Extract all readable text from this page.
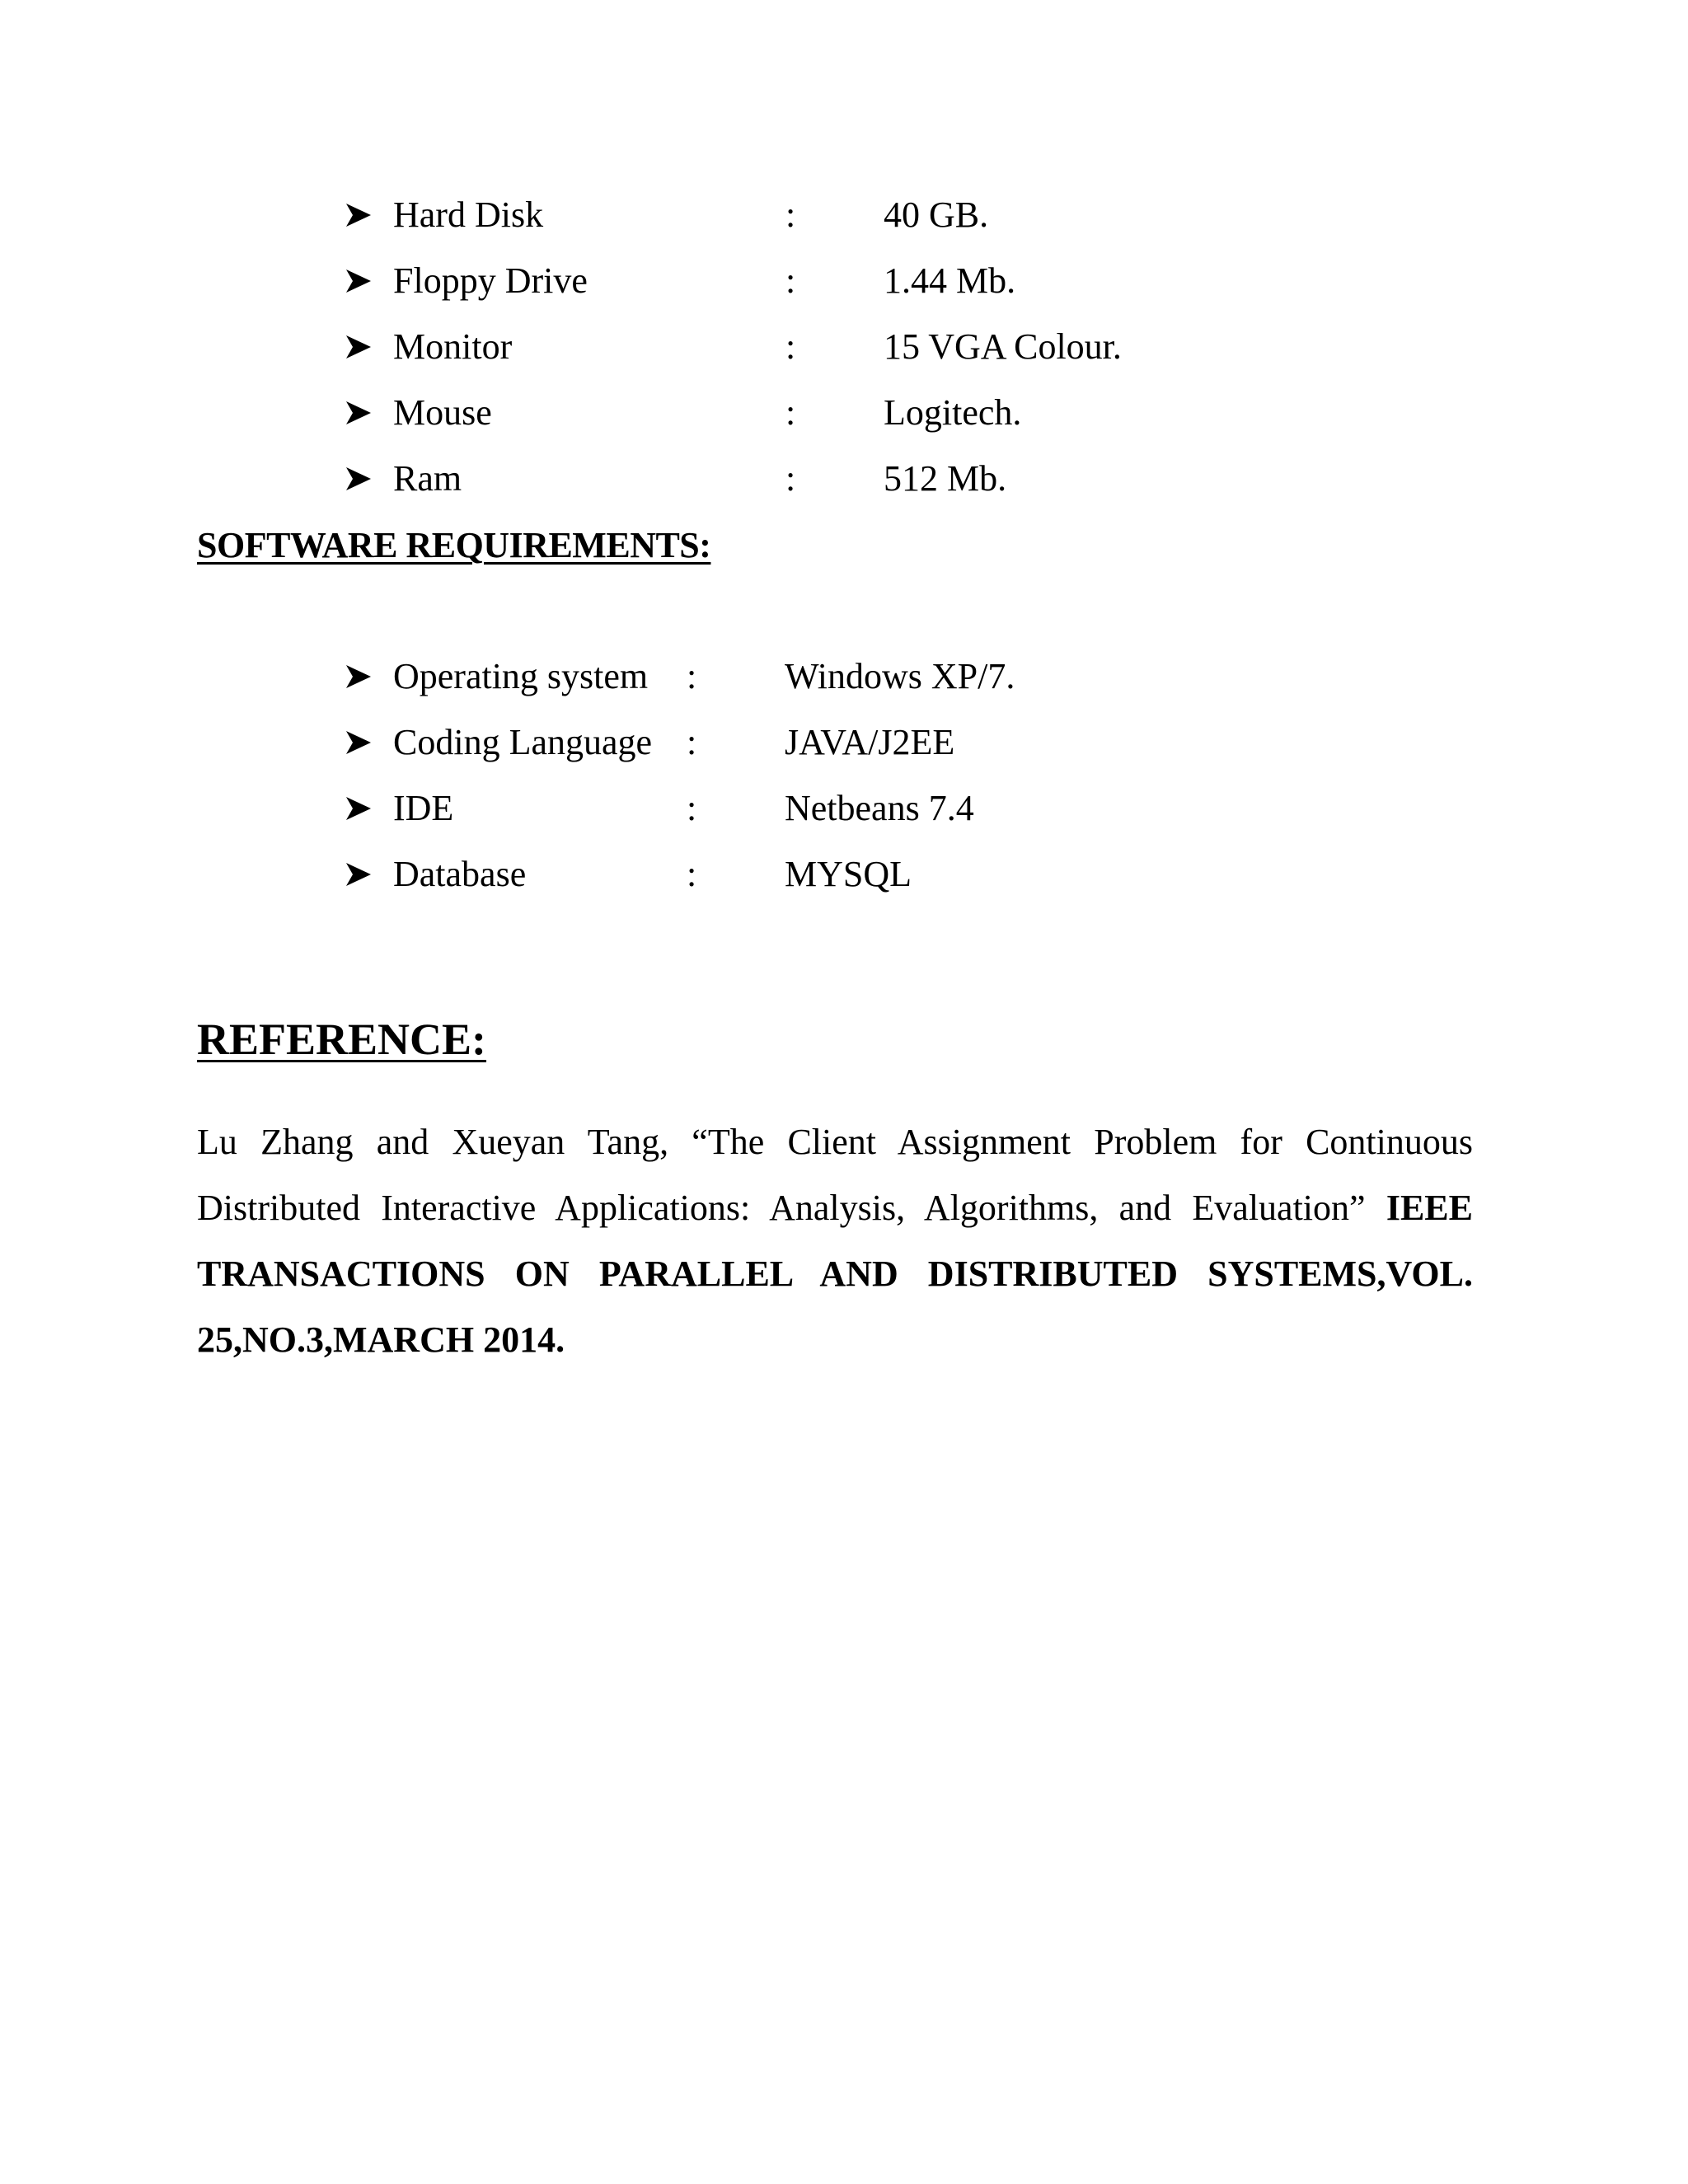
Hard Disk	: 40 GB.
Floppy Drive	: 1.44 Mb.
Monitor	: 15 VGA Colour.
Mouse	: Logitech.
Ram	: 512 Mb.
SOFTWARE REQUIREMENTS:
Operating system : Windows XP/7.
Coding Language : JAVA/J2EE
IDE	: Netbeans 7.4
Database	: MYSQL
REFERENCE:
Lu Zhang and Xueyan Tang, “The Client Assignment Problem for Continuous Distributed Interactive Applications: Analysis, Algorithms, and Evaluation” IEEE TRANSACTIONS ON PARALLEL AND DISTRIBUTED SYSTEMS,VOL. 25,NO.3,MARCH 2014.
